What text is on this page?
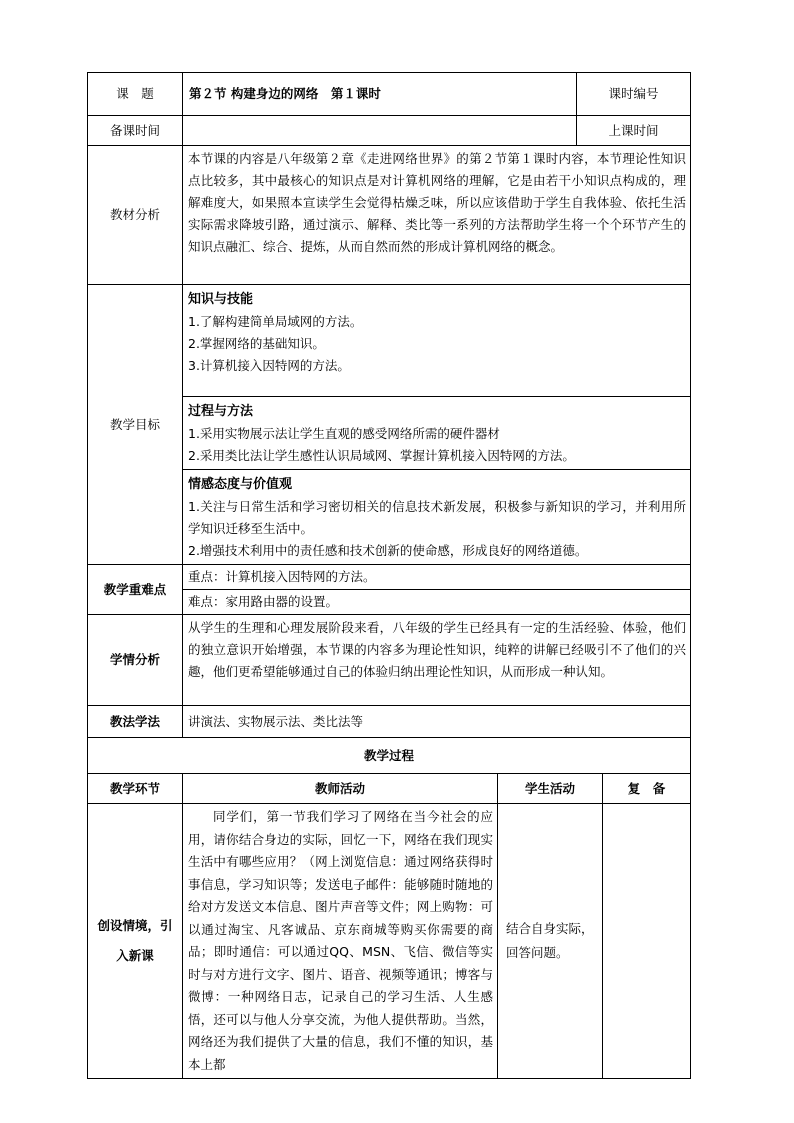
课　题	第２节 构建身边的网络　第１课时		课时编号	
备课时间			上课时间	
教材分析	本节课的内容是八年级第２章《走进网络世界》的第２节第１课时内容，本节理论性知识点比较多，其中最核心的知识点是对计算机网络的理解，它是由若干小知识点构成的，理解难度大，如果照本宣读学生会觉得枯燥乏味，所以应该借助于学生自我体验、依托生活实际需求降坡引路，通过演示、解释、类比等一系列的方法帮助学生将一个个环节产生的知识点融汇、综合、提炼，从而自然而然的形成计算机网络的概念。			
教学目标	知识与技能
1.了解构建简单局域网的方法。
2.掌握网络的基础知识。
3.计算机接入因特网的方法。			

	过程与方法
1.采用实物展示法让学生直观的感受网络所需的硬件器材
2.采用类比法让学生感性认识局域网、掌握计算机接入因特网的方法。			

	情感态度与价值观
1.关注与日常生活和学习密切相关的信息技术新发展，积极参与新知识的学习，并利用所学知识迁移至生活中。
2.增强技术利用中的责任感和技术创新的使命感，形成良好的网络道德。			

教学重难点	重点：计算机接入因特网的方法。			
	难点：家用路由器的设置。			
学情分析	从学生的生理和心理发展阶段来看，八年级的学生已经具有一定的生活经验、体验，他们的独立意识开始增强，本节课的内容多为理论性知识，纯粹的讲解已经吸引不了他们的兴趣，他们更希望能够通过自己的体验归纳出理论性知识，从而形成一种认知。			
教法学法	讲演法、实物展示法、类比法等			
教学过程				
教学环节	教师活动	学生活动		复　备
创设情境，引入新课	同学们，第一节我们学习了网络在当今社会的应用，请你结合身边的实际，回忆一下，网络在我们现实生活中有哪些应用？（网上浏览信息：通过网络获得时事信息，学习知识等；发送电子邮件：能够随时随地的给对方发送文本信息、图片声音等文件；网上购物：可以通过淘宝、凡客诚品、京东商城等购买你需要的商品；即时通信：可以通过QQ、MSN、飞信、微信等实时与对方进行文字、图片、语音、视频等通讯；博客与微博：一种网络日志，记录自己的学习生活、人生感悟，还可以与他人分享交流，为他人提供帮助。当然，网络还为我们提供了大量的信息，我们不懂的知识，基本上都	结合自身实际，回答问题。		
